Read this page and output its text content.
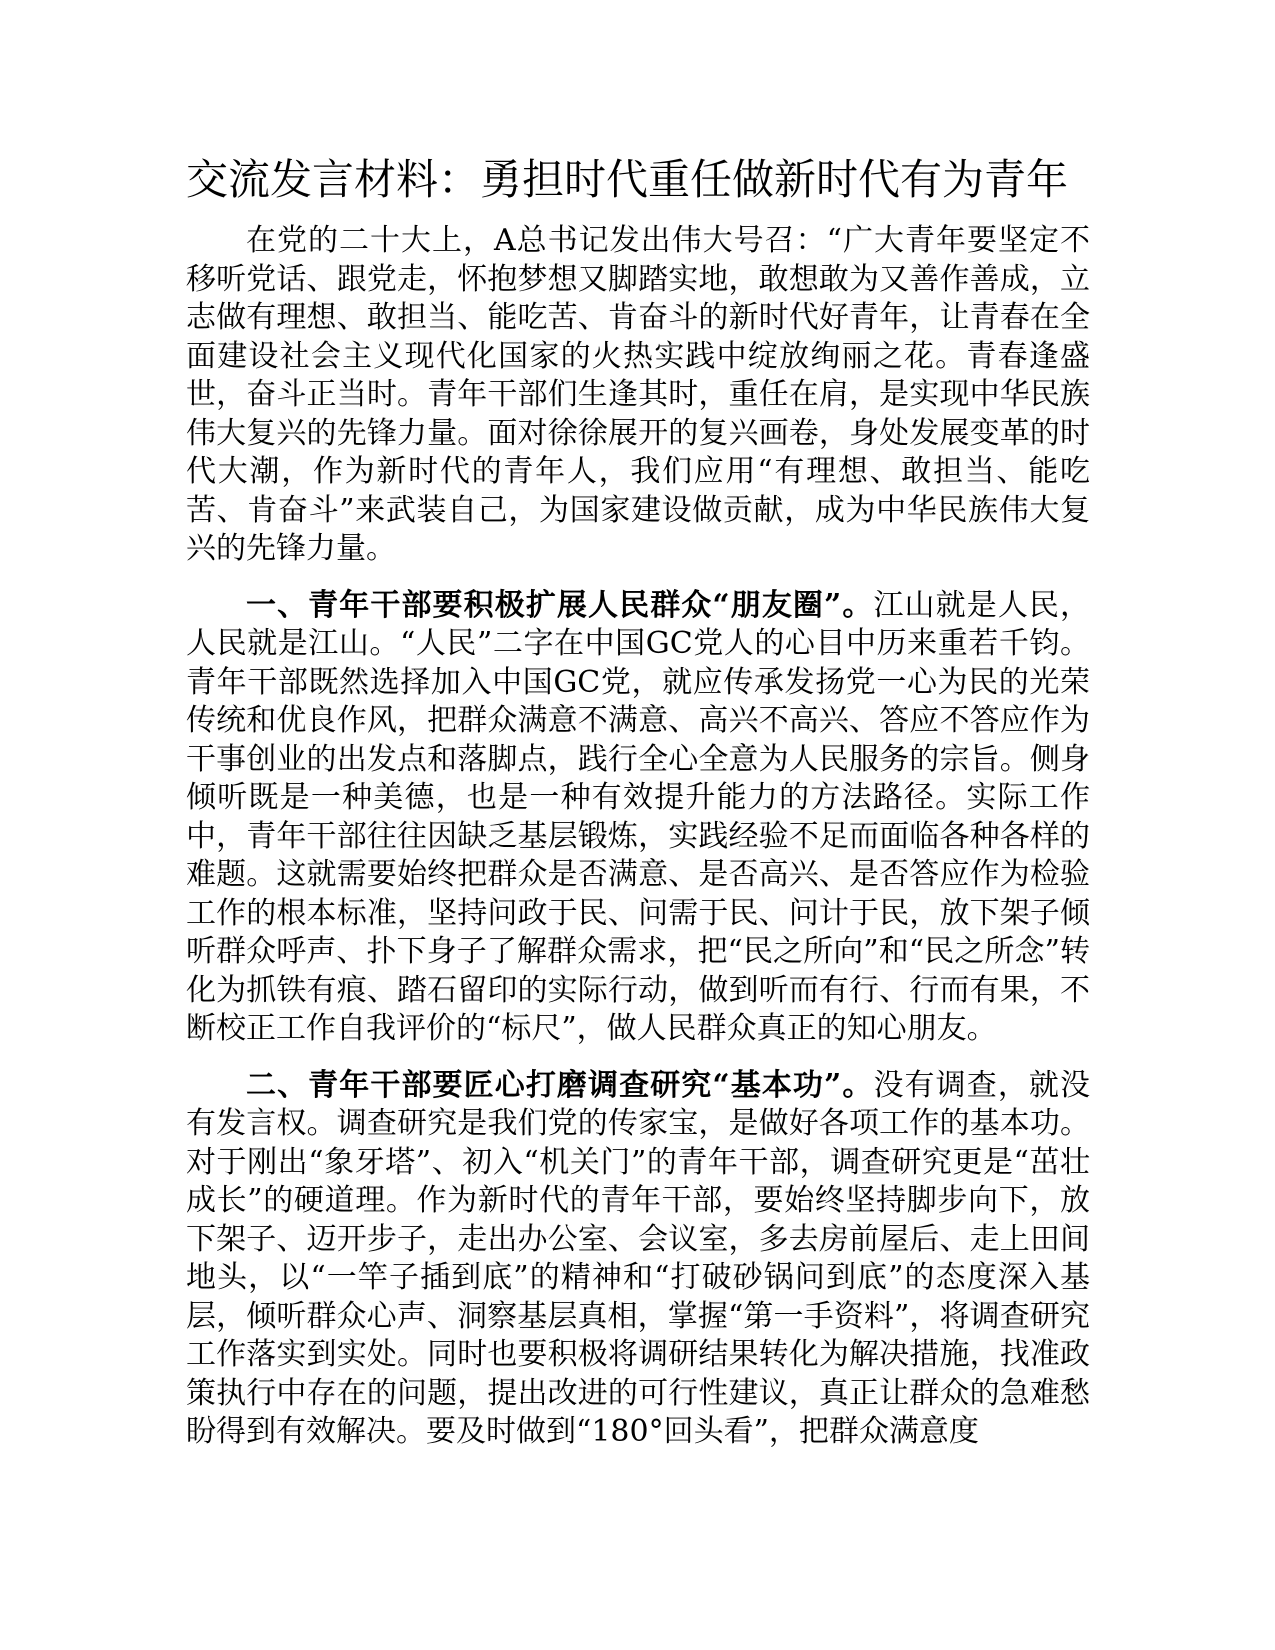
交流发言材料：勇担时代重任做新时代有为青年

在党的二十大上，A总书记发出伟大号召：“广大青年要坚定不移听党话、跟党走，怀抱梦想又脚踏实地，敢想敢为又善作善成，立志做有理想、敢担当、能吃苦、肯奋斗的新时代好青年，让青春在全面建设社会主义现代化国家的火热实践中绽放绚丽之花。青春逢盛世，奋斗正当时。青年干部们生逢其时，重任在肩，是实现中华民族伟大复兴的先锋力量。面对徐徐展开的复兴画卷，身处发展变革的时代大潮，作为新时代的青年人，我们应用“有理想、敢担当、能吃苦、肯奋斗”来武装自己，为国家建设做贡献，成为中华民族伟大复兴的先锋力量。

一、青年干部要积极扩展人民群众“朋友圈”。江山就是人民，人民就是江山。“人民”二字在中国GC党人的心目中历来重若千钧。青年干部既然选择加入中国GC党，就应传承发扬党一心为民的光荣传统和优良作风，把群众满意不满意、高兴不高兴、答应不答应作为干事创业的出发点和落脚点，践行全心全意为人民服务的宗旨。侧身倾听既是一种美德，也是一种有效提升能力的方法路径。实际工作中，青年干部往往因缺乏基层锻炼，实践经验不足而面临各种各样的难题。这就需要始终把群众是否满意、是否高兴、是否答应作为检验工作的根本标准，坚持问政于民、问需于民、问计于民，放下架子倾听群众呼声、扑下身子了解群众需求，把“民之所向”和“民之所念”转化为抓铁有痕、踏石留印的实际行动，做到听而有行、行而有果，不断校正工作自我评价的“标尺”，做人民群众真正的知心朋友。

二、青年干部要匠心打磨调查研究“基本功”。没有调查，就没有发言权。调查研究是我们党的传家宝，是做好各项工作的基本功。对于刚出“象牙塔”、初入“机关门”的青年干部，调查研究更是“茁壮成长”的硬道理。作为新时代的青年干部，要始终坚持脚步向下，放下架子、迈开步子，走出办公室、会议室，多去房前屋后、走上田间地头，以“一竿子插到底”的精神和“打破砂锅问到底”的态度深入基层，倾听群众心声、洞察基层真相，掌握“第一手资料”，将调查研究工作落实到实处。同时也要积极将调研结果转化为解决措施，找准政策执行中存在的问题，提出改进的可行性建议，真正让群众的急难愁盼得到有效解决。要及时做到“180°回头看”，把群众满意度
